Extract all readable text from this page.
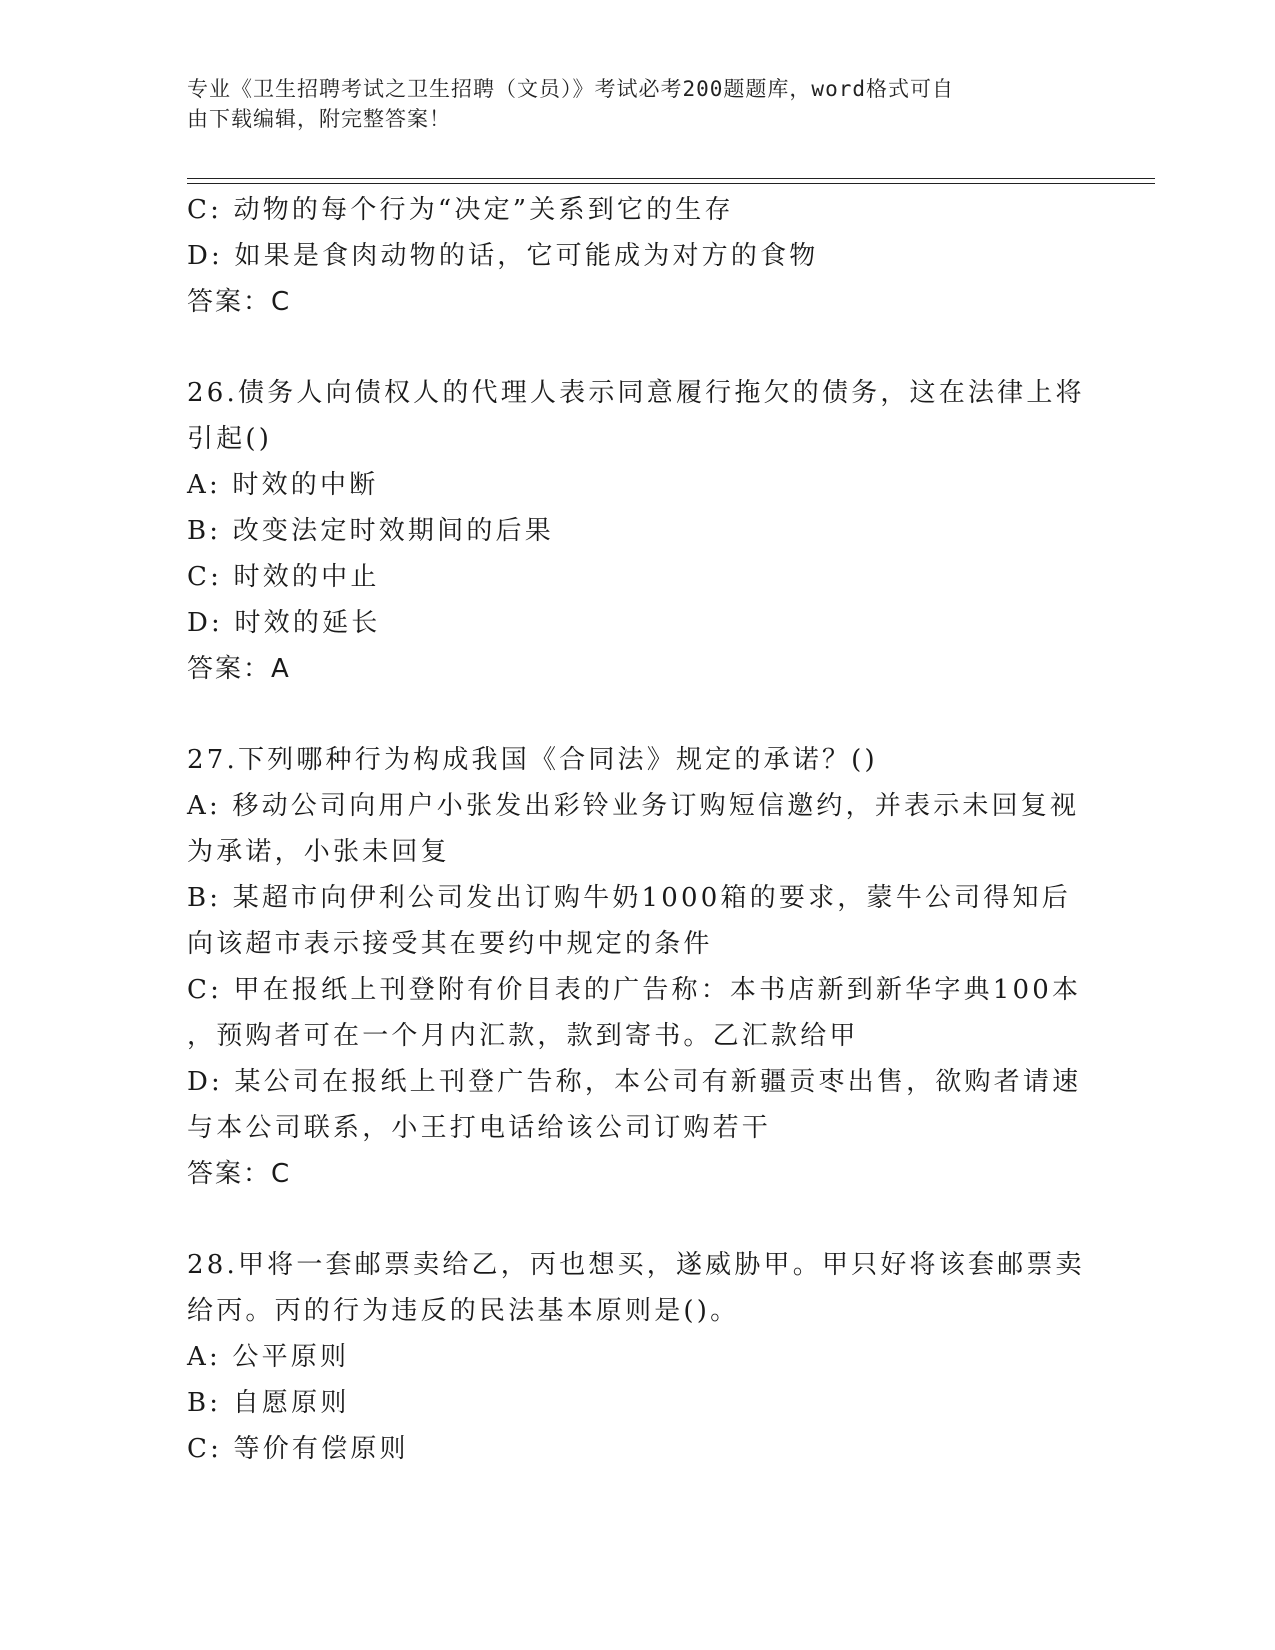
专业《卫生招聘考试之卫生招聘（文员）》考试必考200题题库，word格式可自
由下载编辑，附完整答案！
C: 动物的每个行为“决定”关系到它的生存
D: 如果是食肉动物的话，它可能成为对方的食物
答案：C
26.债务人向债权人的代理人表示同意履行拖欠的债务，这在法律上将
引起()
A: 时效的中断
B: 改变法定时效期间的后果
C: 时效的中止
D: 时效的延长
答案：A
27.下列哪种行为构成我国《合同法》规定的承诺？()
A: 移动公司向用户小张发出彩铃业务订购短信邀约，并表示未回复视
为承诺，小张未回复
B: 某超市向伊利公司发出订购牛奶1000箱的要求，蒙牛公司得知后
向该超市表示接受其在要约中规定的条件
C: 甲在报纸上刊登附有价目表的广告称：本书店新到新华字典100本
，预购者可在一个月内汇款，款到寄书。乙汇款给甲
D: 某公司在报纸上刊登广告称，本公司有新疆贡枣出售，欲购者请速
与本公司联系，小王打电话给该公司订购若干
答案：C
28.甲将一套邮票卖给乙，丙也想买，遂威胁甲。甲只好将该套邮票卖
给丙。丙的行为违反的民法基本原则是()。
A: 公平原则
B: 自愿原则
C: 等价有偿原则
